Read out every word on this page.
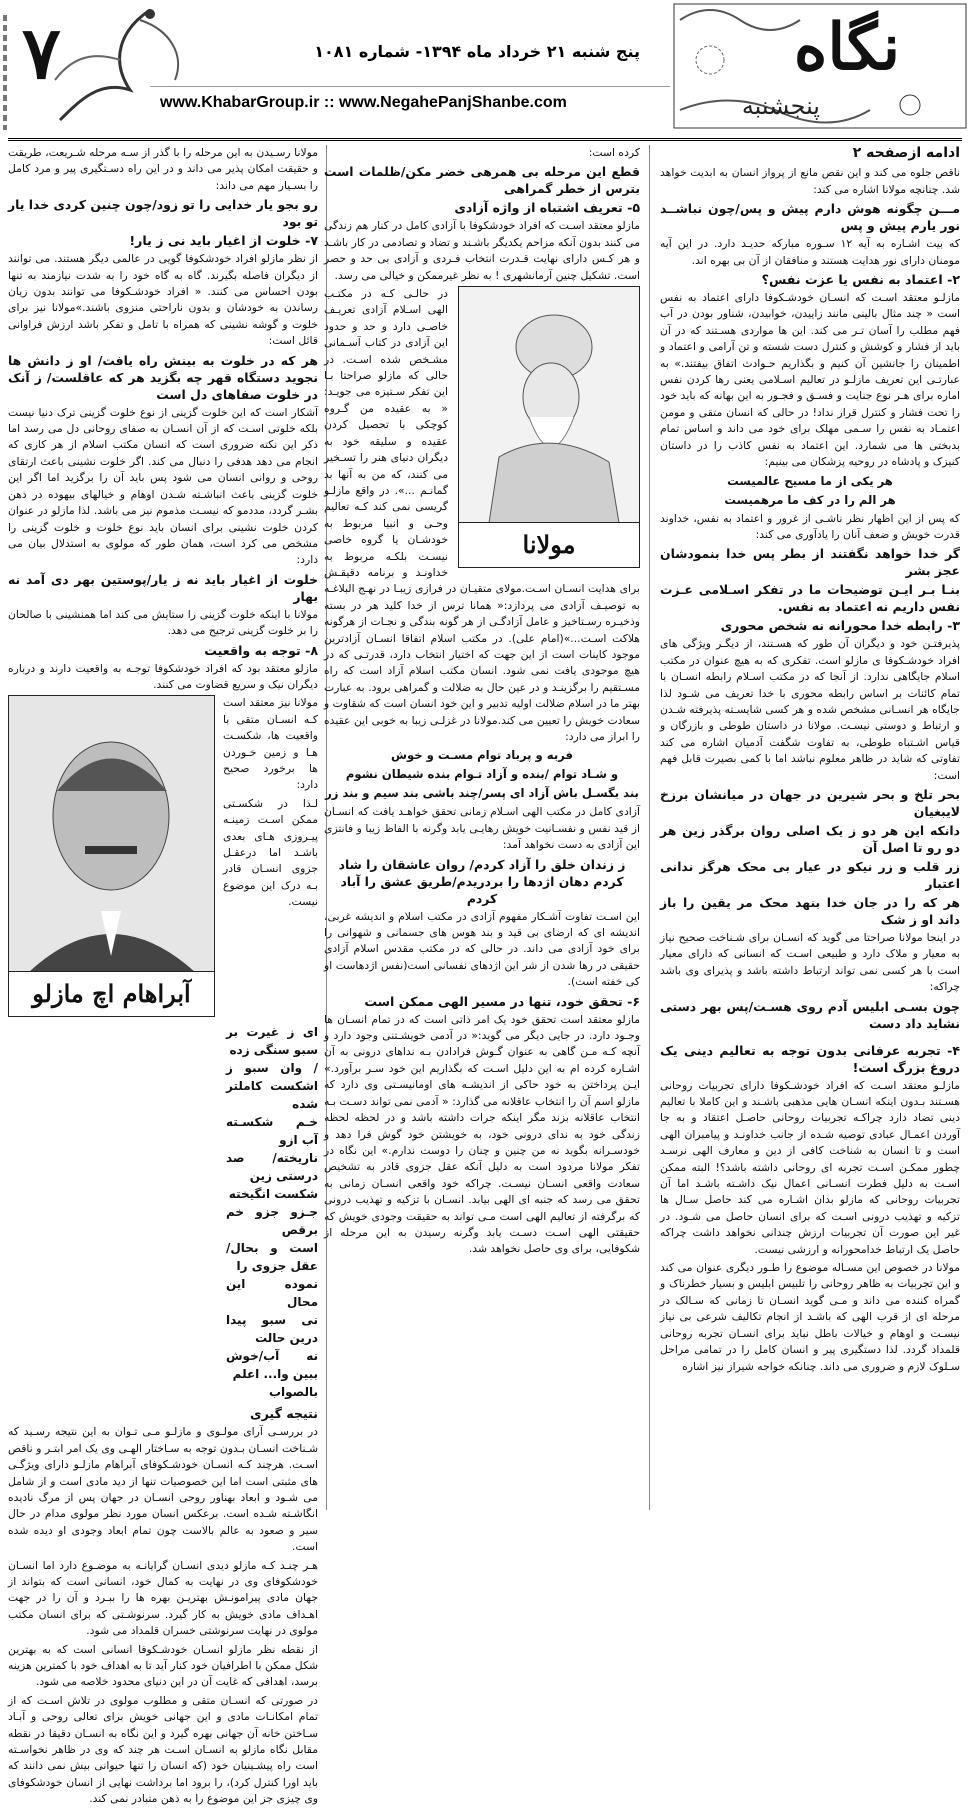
نگاه
پنجشنبه
۷	پنج شنبه ۲۱ خرداد ماه ۱۳۹۴- شماره ۱۰۸۱
www.KhabarGroup.ir :: www.NegahePanjShanbe.com
ادامه ازصفحه ۲

ناقص جلوه می کند و این نقص مانع از پرواز انسان به ابدیت خواهد شد. چنانچه مولانا اشاره می کند:

مـــن چگونه هوش دارم پیش و پس/چون نباشــد نور یارم پیش و پس

که بیت اشـاره به آیه ۱۲ سـوره مبارکه حدیـد دارد. در این آیه مومنان دارای نور هدایت هستند و منافقان از آن بی بهره اند.

۲- اعتماد به نفس یا عزت نفس؟

مازلـو معتقد اسـت که انسـان خودشـکوفا دارای اعتماد به نفس است « چند مثال بالینی مانند زاییدن، خوابیدن، شناور بودن در آب فهم مطلب را آسان تـر می کند. این ها مواردی هسـتند که در آن باید از فشار و کوشش و کنترل دست شسته و تن آرامی و اعتماد و اطمینان را جانشین آن کنیم و بگذاریم حـوادث اتفاق بیفتند.» به عبارتـی این تعریف مازلـو در تعالیم اسـلامی یعنی رها کردن نفس اماره برای هـر نوع جنایت و فسـق و فجـور به این بهانه که باید خود را تحت فشار و کنترل قرار نداد! در حالی که انسان متقی و مومن اعتمـاد به نفس را سـمی مهلک برای خود می داند و اساس تمام بدبختی ها می شمارد. این اعتماد به نفس کاذب را در داستان کنیزک و پادشاه در روحیه پزشکان می بینیم:

هر یکی از ما مسیح عالمیست

هر الم را در کف ما مرهمیست

که پس از این اظهار نظر ناشـی از غرور و اعتماد به نفس، خداوند قدرت خویش و ضعف آنان را یادآوری می کند:

گر خدا خواهد نگفتند از بطر پس خدا بنمودشان عجز بشر

بنـا بـر ایـن توضیحات ما در تفکر اسـلامی عـزت نفس داریم نه اعتماد به نفس.

۳- رابطه خدا محورانه نه شخص محوری

پذیرفتـن خود و دیگران آن طور که هسـتند، از دیگـر ویژگی های افراد خودشـکوفا ی مازلو است. تفکری که به هیچ عنوان در مکتب اسلام جایگاهی ندارد. از آنجا که در مکتب اسـلام رابطه انسـان با تمام کائنات بر اساس رابطه محوری با خدا تعریف می شـود لذا جایگاه هر انسـانی مشخص شده و هر کسی شایسـته پذیرفته شـدن و ارتباط و دوستی نیسـت. مولانا در داستان طوطی و بازرگان و قیاس اشـتباه طوطی، به تفاوت شگفت آدمیان اشاره می کند تفاوتی که شاید در ظاهر معلوم نباشد اما با کمی بصیرت قابل فهم است:

بحر تلخ و بحر شیرین در جهان در میانشان برزخ لایبغیان

دانکه این هر دو ز یک اصلی روان برگذر زین هر دو رو تا اصل آن

زر قلب و زر نیکو در عیار بی محک هرگز ندانی اعتبار

هر که را در جان خدا بنهد محک مر یقین را باز داند او ز شک

در اینجا مولانا صراحتا می گوید که انسـان برای شـناخت صحیح نیاز به معیار و ملاک دارد و طبیعی اسـت که انسانی که دارای معیار است با هر کسی نمی تواند ارتباط داشته باشد و پذیرای وی باشد چراکه:

چون بسـی ابلیس آدم روی هسـت/پس بهر دستی نشاید داد دست

۴- تجربه عرفانی بدون توجه به تعالیم دینی یک دروغ بزرگ است!

مازلـو معتقد اسـت که افراد خودشـکوفا دارای تجربیات روحانی هسـتند بـدون اینکه انسـان هایی مذهبی باشـند و این کاملا با تعالیم دینی تضاد دارد چراکـه تجربیات روحانی حاصـل اعتقاد و به جا آوردن اعمـال عبادی توصیه شـده از جانب خداونـد و پیامبران الهی است و تا انسان به شناخت کافی از دین و معارف الهی نرسـد چطور ممکـن اسـت تجربه ای روحانی داشته باشد؟! البته ممکن اسـت به دلیل فطرت انسـانی اعمال نیک داشـته باشـد اما آن تجربیات روحانی که مازلو بدان اشـاره می کند حاصل سـال ها تزکیه و تهذیب درونی اسـت که برای انسان حاصل می شـود. در غیر این صورت آن تجربیات ارزش چندانی نخواهد داشت چراکه حاصل یک ارتباط خدامحورانه و ارزشی نیست.

مولانا در خصوص این مسـاله موضوع را طـور دیگری عنوان می کند و این تجربیات به ظاهر روحانی را تلبیس ابلیس و بسیار خطرناک و گمراه کننده می داند و مـی گوید انسـان تا زمانی که سـالک در مرحله ای از قرب الهی که باشـد از انجام تکالیف شرعی بی نیاز نیسـت و اوهام و خیالات باطل نباید برای انسـان تجربه روحانی قلمداد گردد. لذا دستگیری پیر و انسان کامل را در تمامی مراحل سـلوک لازم و ضروری می داند. چنانکه خواجه شیراز نیز اشاره

کرده است:

قطع این مرحله بی همرهی خضر مکن/ظلمات است بترس از خطر گمراهی

۵- تعریف اشتباه از واژه آزادی

مازلو معتقد اسـت که افراد خودشکوفا با آزادی کامل در کنار هم زندگی می کنند بدون آنکه مزاحم یکدیگر باشـند و تضاد و تصادمی در کار باشـد و هر کـس دارای نهایت قـدرت انتخاب فـردی و آزادی بی حد و حصر است. تشکیل چنین آرمانشهری ! به نظر غیرممکن و خیالی می رسد.

مولانا

در حالـی کـه در مکتـب الهی اسـلام آزادی تعریـف خاصـی دارد و حد و حدود این آزادی در کتاب آسـمانی مشـخص شده اسـت. در حالی که مازلو صراحتا بـا این تفکر سـتیزه می جویـد: « به عقیده من گـروه کوچکی با تحصیل کردن عقیده و سلیقه خود به دیگران دنیای هنر را تسـخیر می کنند، که من به آنها بد گمانـم ...». در واقع مازلـو گریسی نمی کند کـه تعالیم وحـی و انبیا مربوط به خودشـان یا گروه خاصی نیسـت بلکـه مربوط به خداونـد و برنامه دقیقـش برای هدایت انسـان اسـت.مولای متقیـان در فرازی زیبـا در نهـج البلاغـه به توصیـف آزادی می پردازد:« همانا ترس از خدا کلید هر در بسته وذخیـره رسـتاخیز و عامل آزادگـی از هر گونه بندگی و نجـات از هرگونه هلاکت اسـت...»(امام علی). در مکتب اسلام اتفاقا انسـان آزادترین موجود کاینات است از این جهت که اختیار انتخاب دارد، قدرتـی که در هیچ موجودی یافت نمی شود. انسان مکتب اسلام آزاد است که راه مسـتقیم را برگزینـد و در عین حال به ضلالت و گمراهی برود. به عبارت بهتر ما در اسلام ضلالت اولیه تدبیر و این خود انسان است که شقاوت و سعادت خویش را تعیین می کند.مولانا در غزلـی زیبا به خوبی این عقیده را ابراز می دارد:

فربه و پرباد توام مسـت و خوش

و شـاد توام /بنده و آزاد تـوام بنده شیطان نشوم

بند بگسـل باش آزاد ای پسر/چند باشی بند سیم و بند زر

آزادی کامل در مکتب الهی اسـلام زمانی تحقق خواهـد یافت که انسـان از قید نفس و نفسـانیت خویش رهایـی یابد وگرنه با الفاظ زیبا و فانتزی این آزادی به دست نخواهد آمد:

ز زندان خلق را آزاد کردم/ روان عاشقان را شاد کردم دهان اژدها را بردریدم/طریق عشق را آباد کردم

این اسـت تفاوت آشـکار مفهوم آزادی در مکتب اسلام و اندیشه غربی، اندیشه ای که ارضای بی قید و بند هوس های جسمانی و شهوانی را برای خود آزادی می داند. در حالی که در مکتب مقدس اسلام آزادی حقیقی در رها شدن از شر این اژدهای نفسانی است(نفس اژدهاست او کی خفته است).

۶- تحقق خود، تنها در مسیر الهی ممکن است

مازلو معتقد است تحقق خود یک امر ذاتی است که در تمام انسـان ها وجـود دارد. در جایی دیگر می گوید:« در آدمی خویشـتنی وجود دارد و آنچه کـه مـن گاهی به عنوان گـوش فرادادن بـه نداهای درونی به آن اشـاره کرده ام به این دلیل اسـت که بگذاریم این خود سـر برآورد.» ایـن پرداختن به خود حاکی از اندیشـه های اومانیسـتی وی دارد که مازلو اسم آن را انتخاب عاقلانه می گذارد: « آدمی نمی تواند دسـت بـه انتخاب عاقلانه بزند مگر اینکه جرات داشته باشد و در لحظه لحظه زندگی خود به ندای درونی خود، به خویشتن خود گوش فرا دهد و خودسـرانه بگوید نه من چنین و چنان را دوست ندارم.» این نگاه در تفکر مولانا مردود است به دلیل آنکه عقل جزوی قادر به تشخیص سعادت واقعی انسـان نیسـت. چراکه خود واقعی انسـان زمانی به تحقق می رسد که جنبه ای الهی بیابد. انسـان با تزکیه و تهذیب درونی که برگرفته از تعالیم الهی است مـی تواند به حقیقت وجودی خویش که حقیقتی الهی اسـت دسـت یابد وگرنه رسیدن به این مرحله از شکوفایی، برای وی حاصل نخواهد شد.

مولانا رسـیدن به این مرحله را با گذر از سـه مرحله شـریعت، طریقت و حقیقت امکان پذیر می داند و در این راه دسـتگیری پیر و مرد کامل را بسـیار مهم می داند:

رو بجو یار خدایی را تو زود/چون چنین کردی خدا یار تو بود

۷- خلوت از اغیار باید نی ز یار!

از نظر مازلو افراد خودشکوفا گویی در عالمی دیگر هستند. می توانند از دیگران فاصله بگیرند. گاه به گاه خود را به شدت نیازمند به تنها بودن احساس می کنند. « افراد خودشـکوفا می توانند بدون زیان رساندن به خودشان و بدون ناراحتی منزوی باشند.»مولانا نیز برای خلوت و گوشه نشینی که همراه با تامل و تفکر باشد ارزش فراوانی قائل است:

هر که در خلوت به بینش راه یافت/ او ز دانش ها نجوید دستگاه قهر چه بگزید هر که عاقلست/ ز آنک در خلوت صفاهای دل است

آشکار است که این خلوت گزینی از نوع خلوت گزینی ترک دنیا نیست بلکه خلوتی اسـت که از آن انسـان به صفای روحانی دل می رسد اما ذکر این نکته ضروری است که انسان مکتب اسلام از هر کاری که انجام می دهد هدفی را دنبال می کند. اگر خلوت نشینی باعث ارتقای روحی و روانی انسان می شود پس باید آن را برگزید اما اگر این خلوت گزینی باعث انباشـته شـدن اوهام و خیالهای بیهوده در ذهن بشـر گردد، مددمو که نیسـت مذموم نیز می باشد. لذا مازلو در عنوان کردن خلوت نشینی برای انسان باید نوع خلوت و خلوت گزینی را مشخص می کرد است، همان طور که مولوی به استدلال بیان می دارد:

خلوت از اغیار باید نه ز یار/پوستین بهر دی آمد نه بهار

مولانا با اینکه خلوت گزینی را ستایش می کند اما همنشینی با صالحان را بر خلوت گزینی ترجیح می دهد.

۸- توجه به واقعیت

مازلو معتقد بود که افراد خودشکوفا توجـه به واقعیت دارند و درباره دیگران نیک و سریع قضاوت می کنند.

آبراهام اچ مازلو

مولانا نیز معتقد است کـه انسـان متقی با واقعیت ها، شکسـت هـا و زمین خـوردن ها برخورد صحیح دارد:

ای ز غیرت بر سبو سنگی زده
/ وان سبو ز اشکست کاملتر شده
خـم شکسـته آب ازو
ناریخته/ صد درستی زین
شکست انگیخته
جـزو جزو خم برقص
است و بحال/عقل جزوی را
نموده این محال
نی سبو پیدا درین حالت
نه آب/خوش ببین وا... اعلم
بالصواب

لـذا در شکسـتی ممکن اسـت زمینـه پیـروزی هـای بعدی باشـد اما درعقـل جزوی انسـان قادر بـه درک این موضوع نیست.

نتیجه گیری

در بررسـی آرای مولـوی و مازلـو مـی تـوان به این نتیجه رسـید که شـناخت انسـان بـدون توجه به سـاختار الهـی وی یک امر ابتـر و ناقص اسـت. هرچند کـه انسـان خودشـکوفای آبراهام مازلـو دارای ویژگـی های مثبتی است اما این خصوصیات تنها از دید مادی است و از شامل می شـود و ابعاد بهناور روحی انسـان در جهان پس از مرگ نادیده انگاشـته شـده است. برعکس انسان مورد نظر مولوی مدام در حال سیر و صعود به عالم بالاست چون تمام ابعاد وجودی او دیده شده است.

هـر چنـد کـه مازلو دیدی انسـان گرایانـه به موضـوع دارد اما انسـان خودشکوفای وی در نهایت به کمال خود، انسانی است که بتواند از جهان مادی پیرامونـش بهتریـن بهره ها را ببـرد و آن را در جهت اهـداف مادی خویش به کار گیرد. سرنوشـتی که برای انسان مکتب مولوی در نهایت سرنوشتی خسران قلمداد می شود.

از نقطه نظر مازلو انسـان خودشـکوفا انسانی است که به بهترین شکل ممکن با اطرافیان خود کنار آید تا به اهداف خود با کمترین هزینه برسد، اهدافی که غایت آن در این دنیای محدود خلاصه می شود.

در صورتی که انسـان متقی و مطلوب مولوی در تلاش اسـت که از تمام امکانـات مادی و این جهانی خویش برای تعالی روحی و آبـاد سـاختن خانه آن جهانی بهره گیرد و این نگاه به انسـان دقیقا در نقطه مقابل نگاه مازلو به انسـان اسـت هر چند که وی در ظاهر نخواسـته است راه پیشـینیان خود (که انسان را تنها حیوانی بیش نمی دانند که باید اورا کنترل کرد)، را برود اما برداشت نهایی از انسان خودشکوفای وی چیزی جز این موضوع را به ذهن متبادر نمی کند.
